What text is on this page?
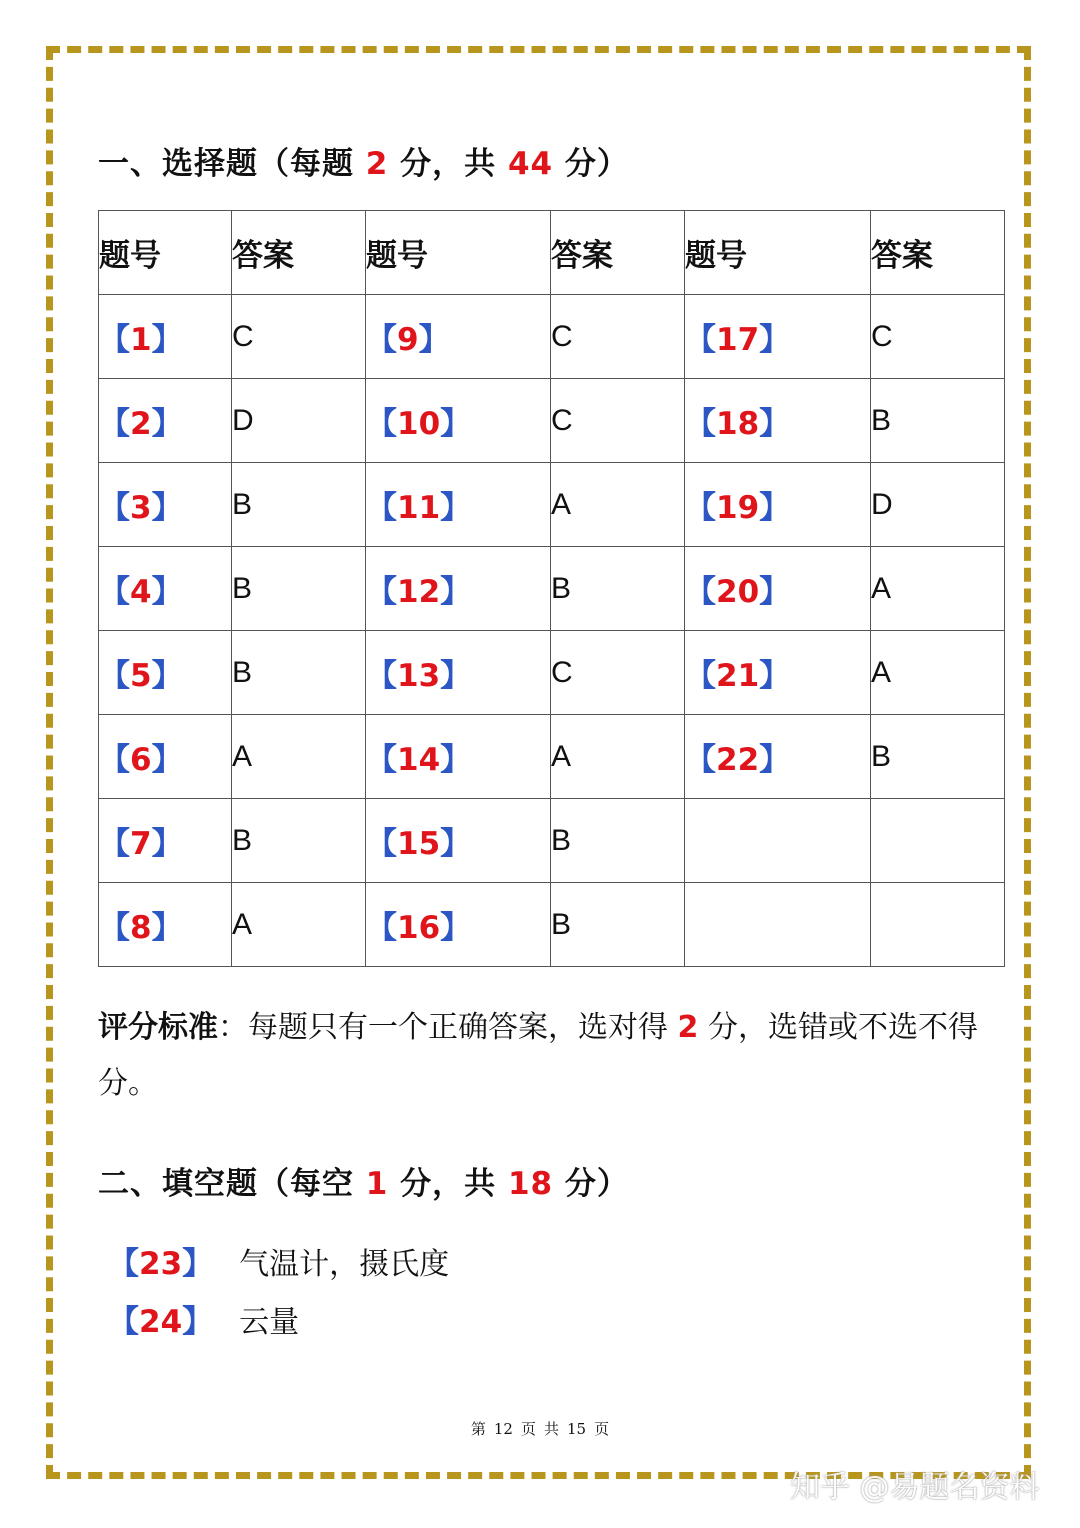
一、选择题（每题 2 分，共 44 分）
题号	答案	题号	答案	题号	答案
【1】	C	【9】	C	【17】	C
【2】	D	【10】	C	【18】	B
【3】	B	【11】	A	【19】	D
【4】	B	【12】	B	【20】	A
【5】	B	【13】	C	【21】	A
【6】	A	【14】	A	【22】	B
【7】	B	【15】	B		
【8】	A	【16】	B		
评分标准：每题只有一个正确答案，选对得 2 分，选错或不选不得分。
二、填空题（每空 1 分，共 18 分）
【23】 气温计，摄氏度
【24】 云量
第 12 页 共 15 页
知乎 @易题名资料
